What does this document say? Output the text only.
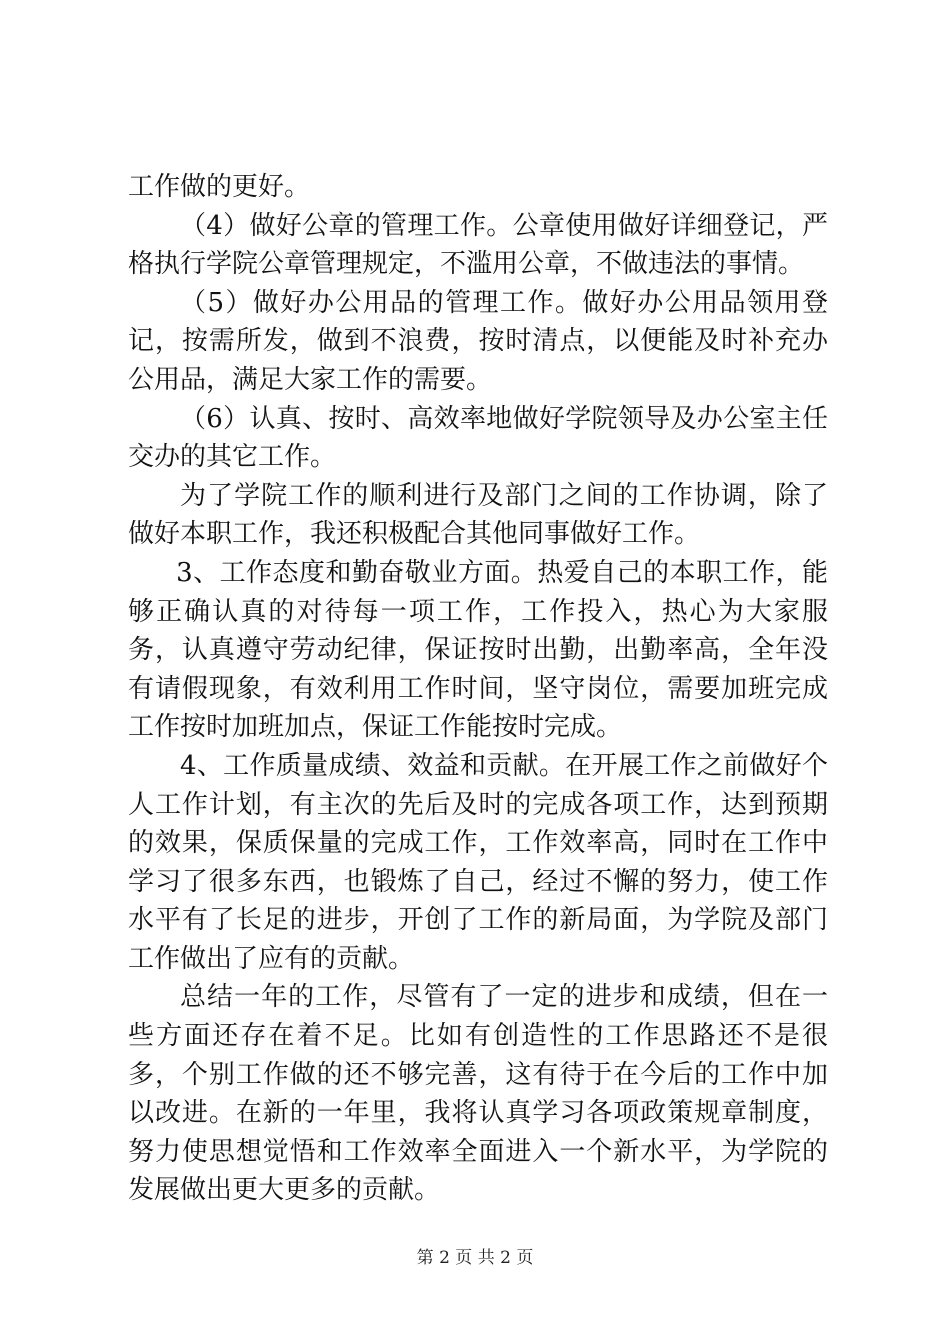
工作做的更好。

（4）做好公章的管理工作。公章使用做好详细登记，严格执行学院公章管理规定，不滥用公章，不做违法的事情。

（5）做好办公用品的管理工作。做好办公用品领用登记，按需所发，做到不浪费，按时清点，以便能及时补充办公用品，满足大家工作的需要。

（6）认真、按时、高效率地做好学院领导及办公室主任交办的其它工作。

为了学院工作的顺利进行及部门之间的工作协调，除了做好本职工作，我还积极配合其他同事做好工作。

3、工作态度和勤奋敬业方面。热爱自己的本职工作，能够正确认真的对待每一项工作，工作投入，热心为大家服务，认真遵守劳动纪律，保证按时出勤，出勤率高，全年没有请假现象，有效利用工作时间，坚守岗位，需要加班完成工作按时加班加点，保证工作能按时完成。

4、工作质量成绩、效益和贡献。在开展工作之前做好个人工作计划，有主次的先后及时的完成各项工作，达到预期的效果，保质保量的完成工作，工作效率高，同时在工作中学习了很多东西，也锻炼了自己，经过不懈的努力，使工作水平有了长足的进步，开创了工作的新局面，为学院及部门工作做出了应有的贡献。

总结一年的工作，尽管有了一定的进步和成绩，但在一些方面还存在着不足。比如有创造性的工作思路还不是很多，个别工作做的还不够完善，这有待于在今后的工作中加以改进。在新的一年里，我将认真学习各项政策规章制度，努力使思想觉悟和工作效率全面进入一个新水平，为学院的发展做出更大更多的贡献。

第 2 页 共 2 页
